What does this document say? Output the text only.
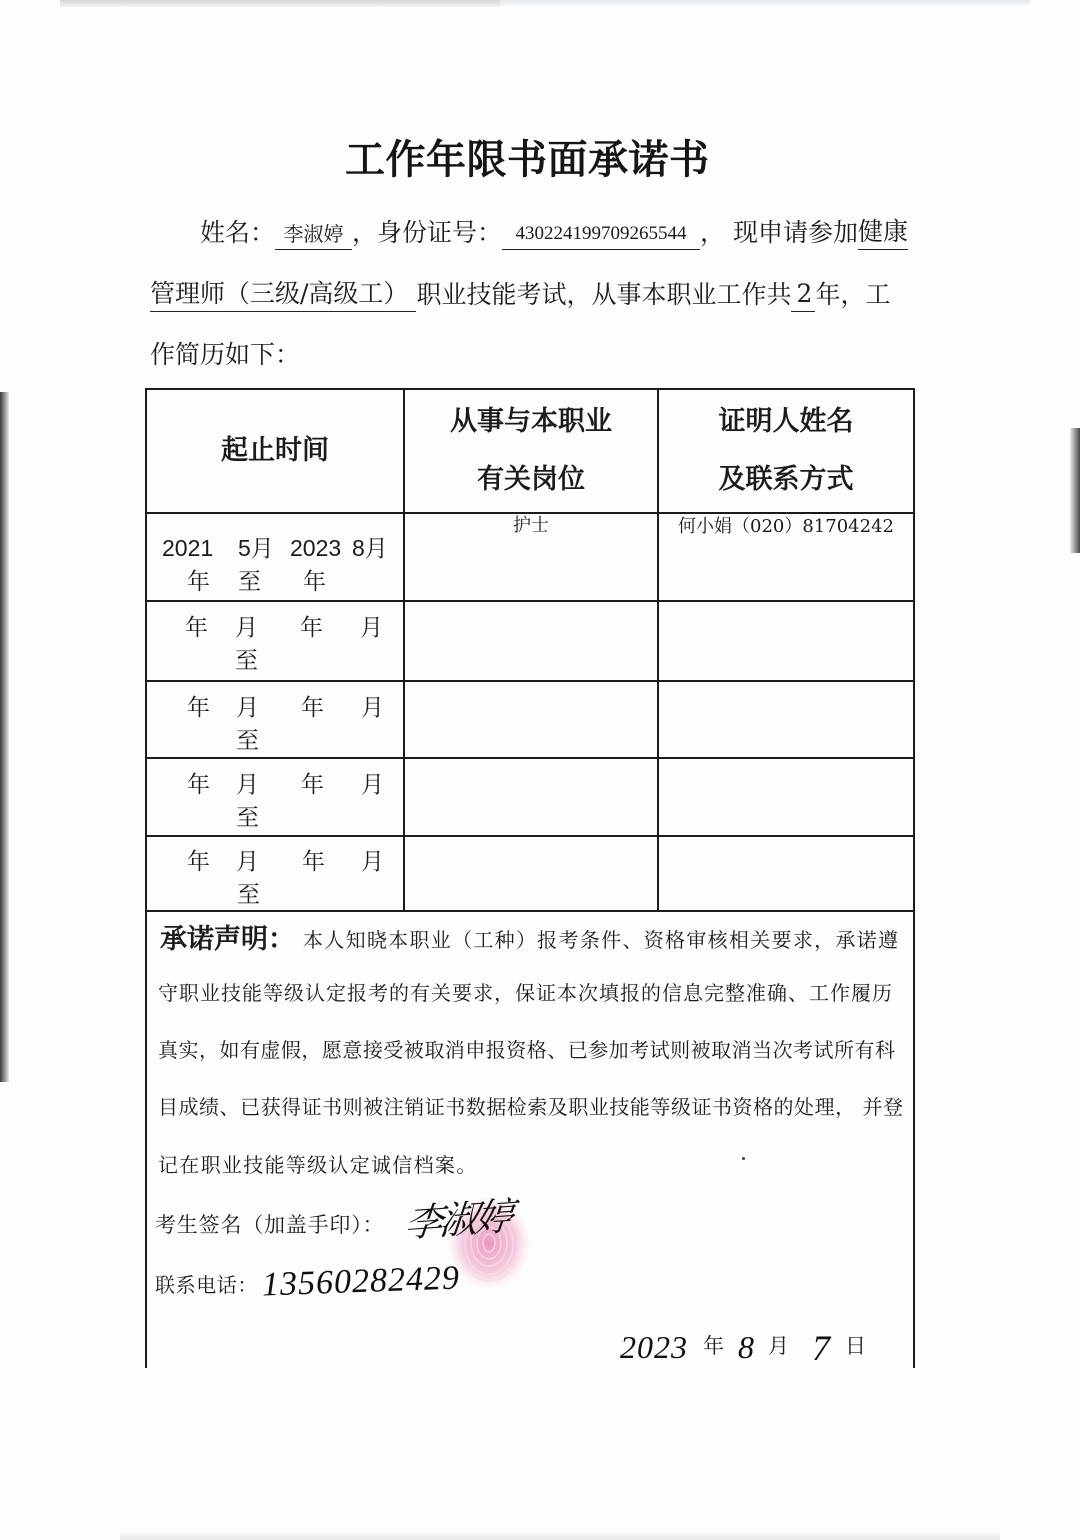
工作年限书面承诺书
姓名： 李淑婷 ，身份证号： 430224199709265544 ， 现申请参加 健康
管理师（三级/高级工） 职业技能考试，从事本职业工作共 2 年，工
作简历如下：
起止时间
从事与本职业
有关岗位
证明人姓名
及联系方式
2021 5月 2023 8月
年 至 年
护士	何小娟（020）81704242
年 月 年 月
至
年 月 年 月
至
年 月 年 月
至
年 月 年 月
至
承诺声明： 本人知晓本职业（工种）报考条件、资格审核相关要求，承诺遵
守职业技能等级认定报考的有关要求，保证本次填报的信息完整准确、工作履历
真实，如有虚假，愿意接受被取消申报资格、已参加考试则被取消当次考试所有科
目成绩、已获得证书则被注销证书数据检索及职业技能等级证书资格的处理， 并登
记在职业技能等级认定诚信档案。
考生签名（加盖手印）： 李淑婷
联系电话： 13560282429
2023 年 8 月 7 日
